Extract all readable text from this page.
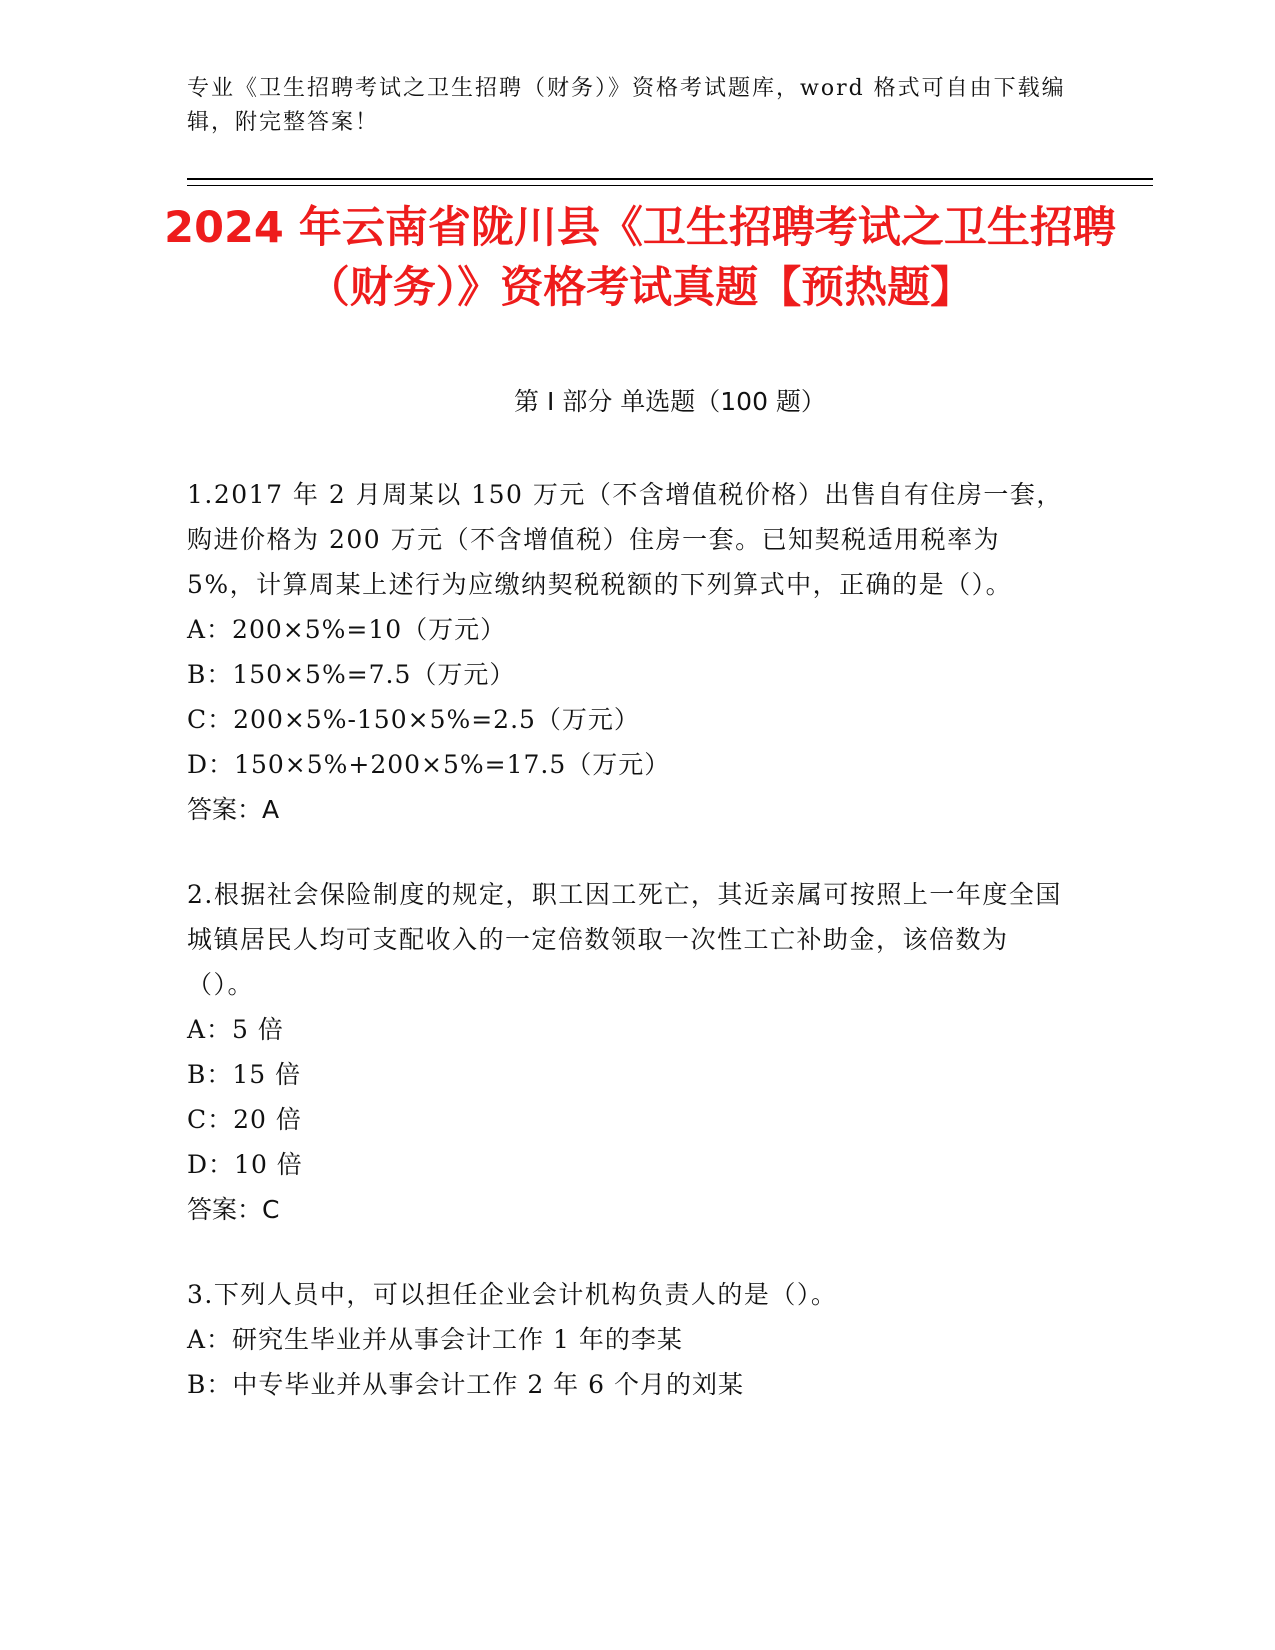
专业《卫生招聘考试之卫生招聘（财务）》资格考试题库，word 格式可自由下载编辑，附完整答案！
2024 年云南省陇川县《卫生招聘考试之卫生招聘（财务）》资格考试真题【预热题】
第 I 部分 单选题（100 题）
1.2017 年 2 月周某以 150 万元（不含增值税价格）出售自有住房一套，购进价格为 200 万元（不含增值税）住房一套。已知契税适用税率为 5%，计算周某上述行为应缴纳契税税额的下列算式中，正确的是（）。
A：200×5%=10（万元）
B：150×5%=7.5（万元）
C：200×5%-150×5%=2.5（万元）
D：150×5%+200×5%=17.5（万元）
答案：A
2.根据社会保险制度的规定，职工因工死亡，其近亲属可按照上一年度全国城镇居民人均可支配收入的一定倍数领取一次性工亡补助金，该倍数为（）。
A：5 倍
B：15 倍
C：20 倍
D：10 倍
答案：C
3.下列人员中，可以担任企业会计机构负责人的是（）。
A：研究生毕业并从事会计工作 1 年的李某
B：中专毕业并从事会计工作 2 年 6 个月的刘某
